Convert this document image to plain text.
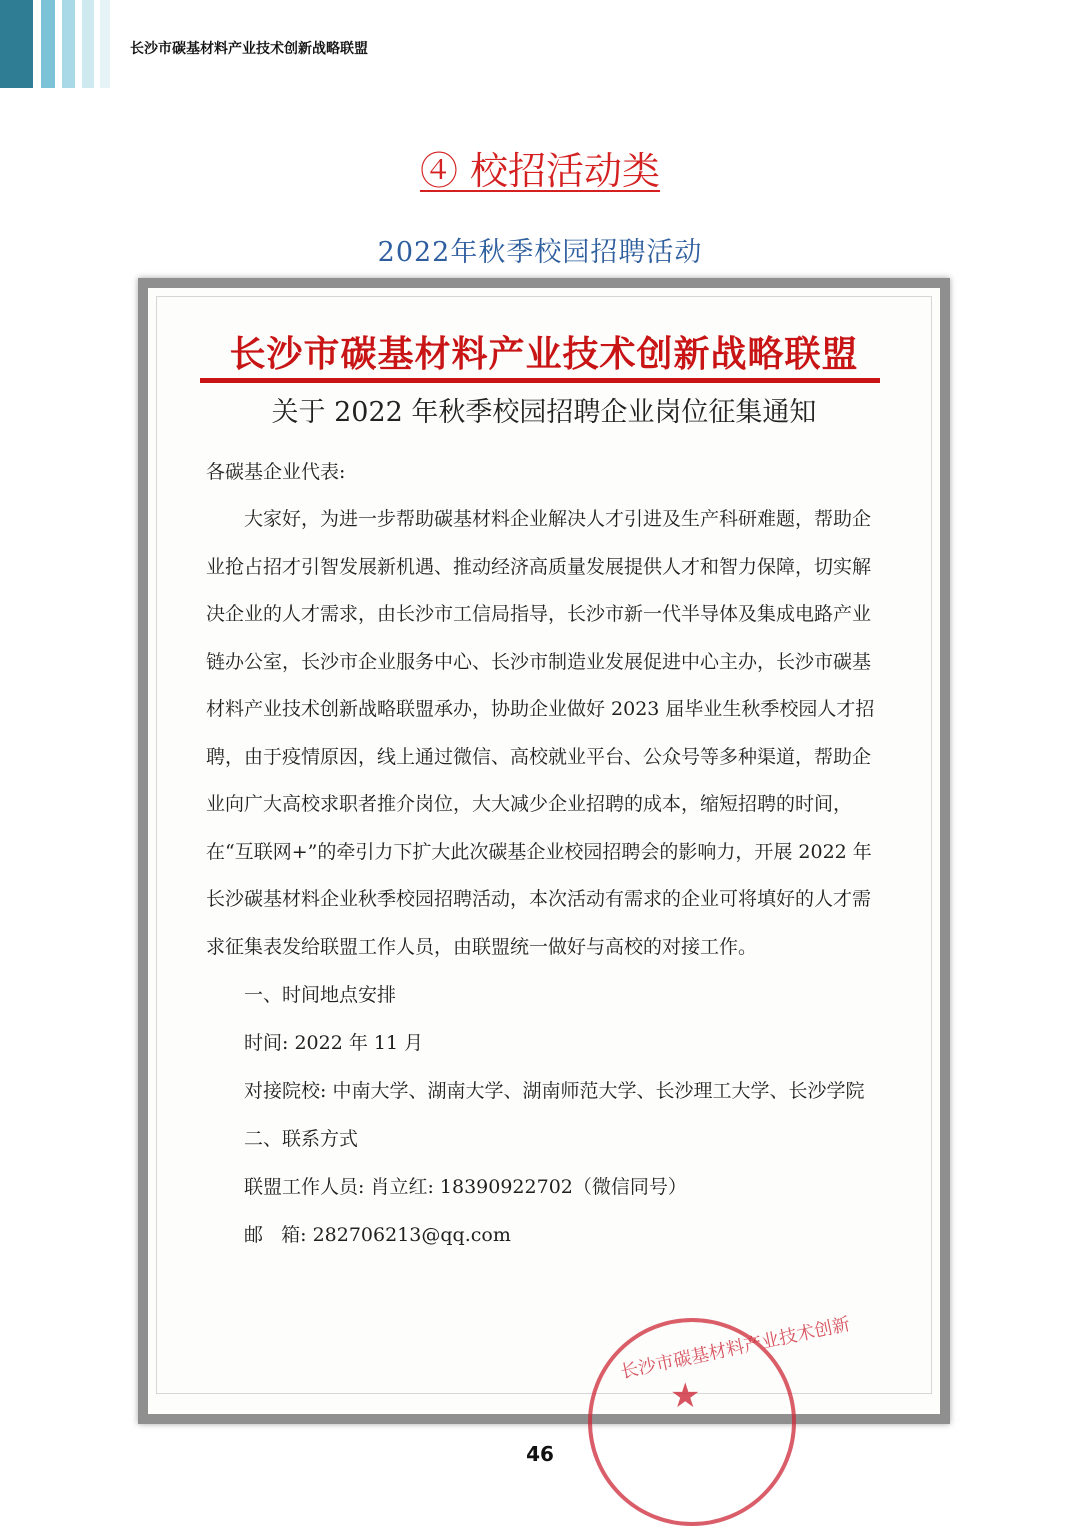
长沙市碳基材料产业技术创新战略联盟
④ 校招活动类
2022年秋季校园招聘活动
长沙市碳基材料产业技术创新战略联盟
关于 2022 年秋季校园招聘企业岗位征集通知

各碳基企业代表:

大家好，为进一步帮助碳基材料企业解决人才引进及生产科研难题，帮助企业抢占招才引智发展新机遇、推动经济高质量发展提供人才和智力保障，切实解决企业的人才需求，由长沙市工信局指导，长沙市新一代半导体及集成电路产业链办公室，长沙市企业服务中心、长沙市制造业发展促进中心主办，长沙市碳基材料产业技术创新战略联盟承办，协助企业做好 2023 届毕业生秋季校园人才招聘，由于疫情原因，线上通过微信、高校就业平台、公众号等多种渠道，帮助企业向广大高校求职者推介岗位，大大减少企业招聘的成本，缩短招聘的时间，在“互联网+”的牵引力下扩大此次碳基企业校园招聘会的影响力，开展 2022 年长沙碳基材料企业秋季校园招聘活动，本次活动有需求的企业可将填好的人才需求征集表发给联盟工作人员，由联盟统一做好与高校的对接工作。

一、时间地点安排

时间: 2022 年 11 月

对接院校: 中南大学、湖南大学、湖南师范大学、长沙理工大学、长沙学院

二、联系方式

联盟工作人员: 肖立红: 18390922702（微信同号）

邮   箱: 282706213@qq.com

长沙市碳基材料产业技术创新
★
46
